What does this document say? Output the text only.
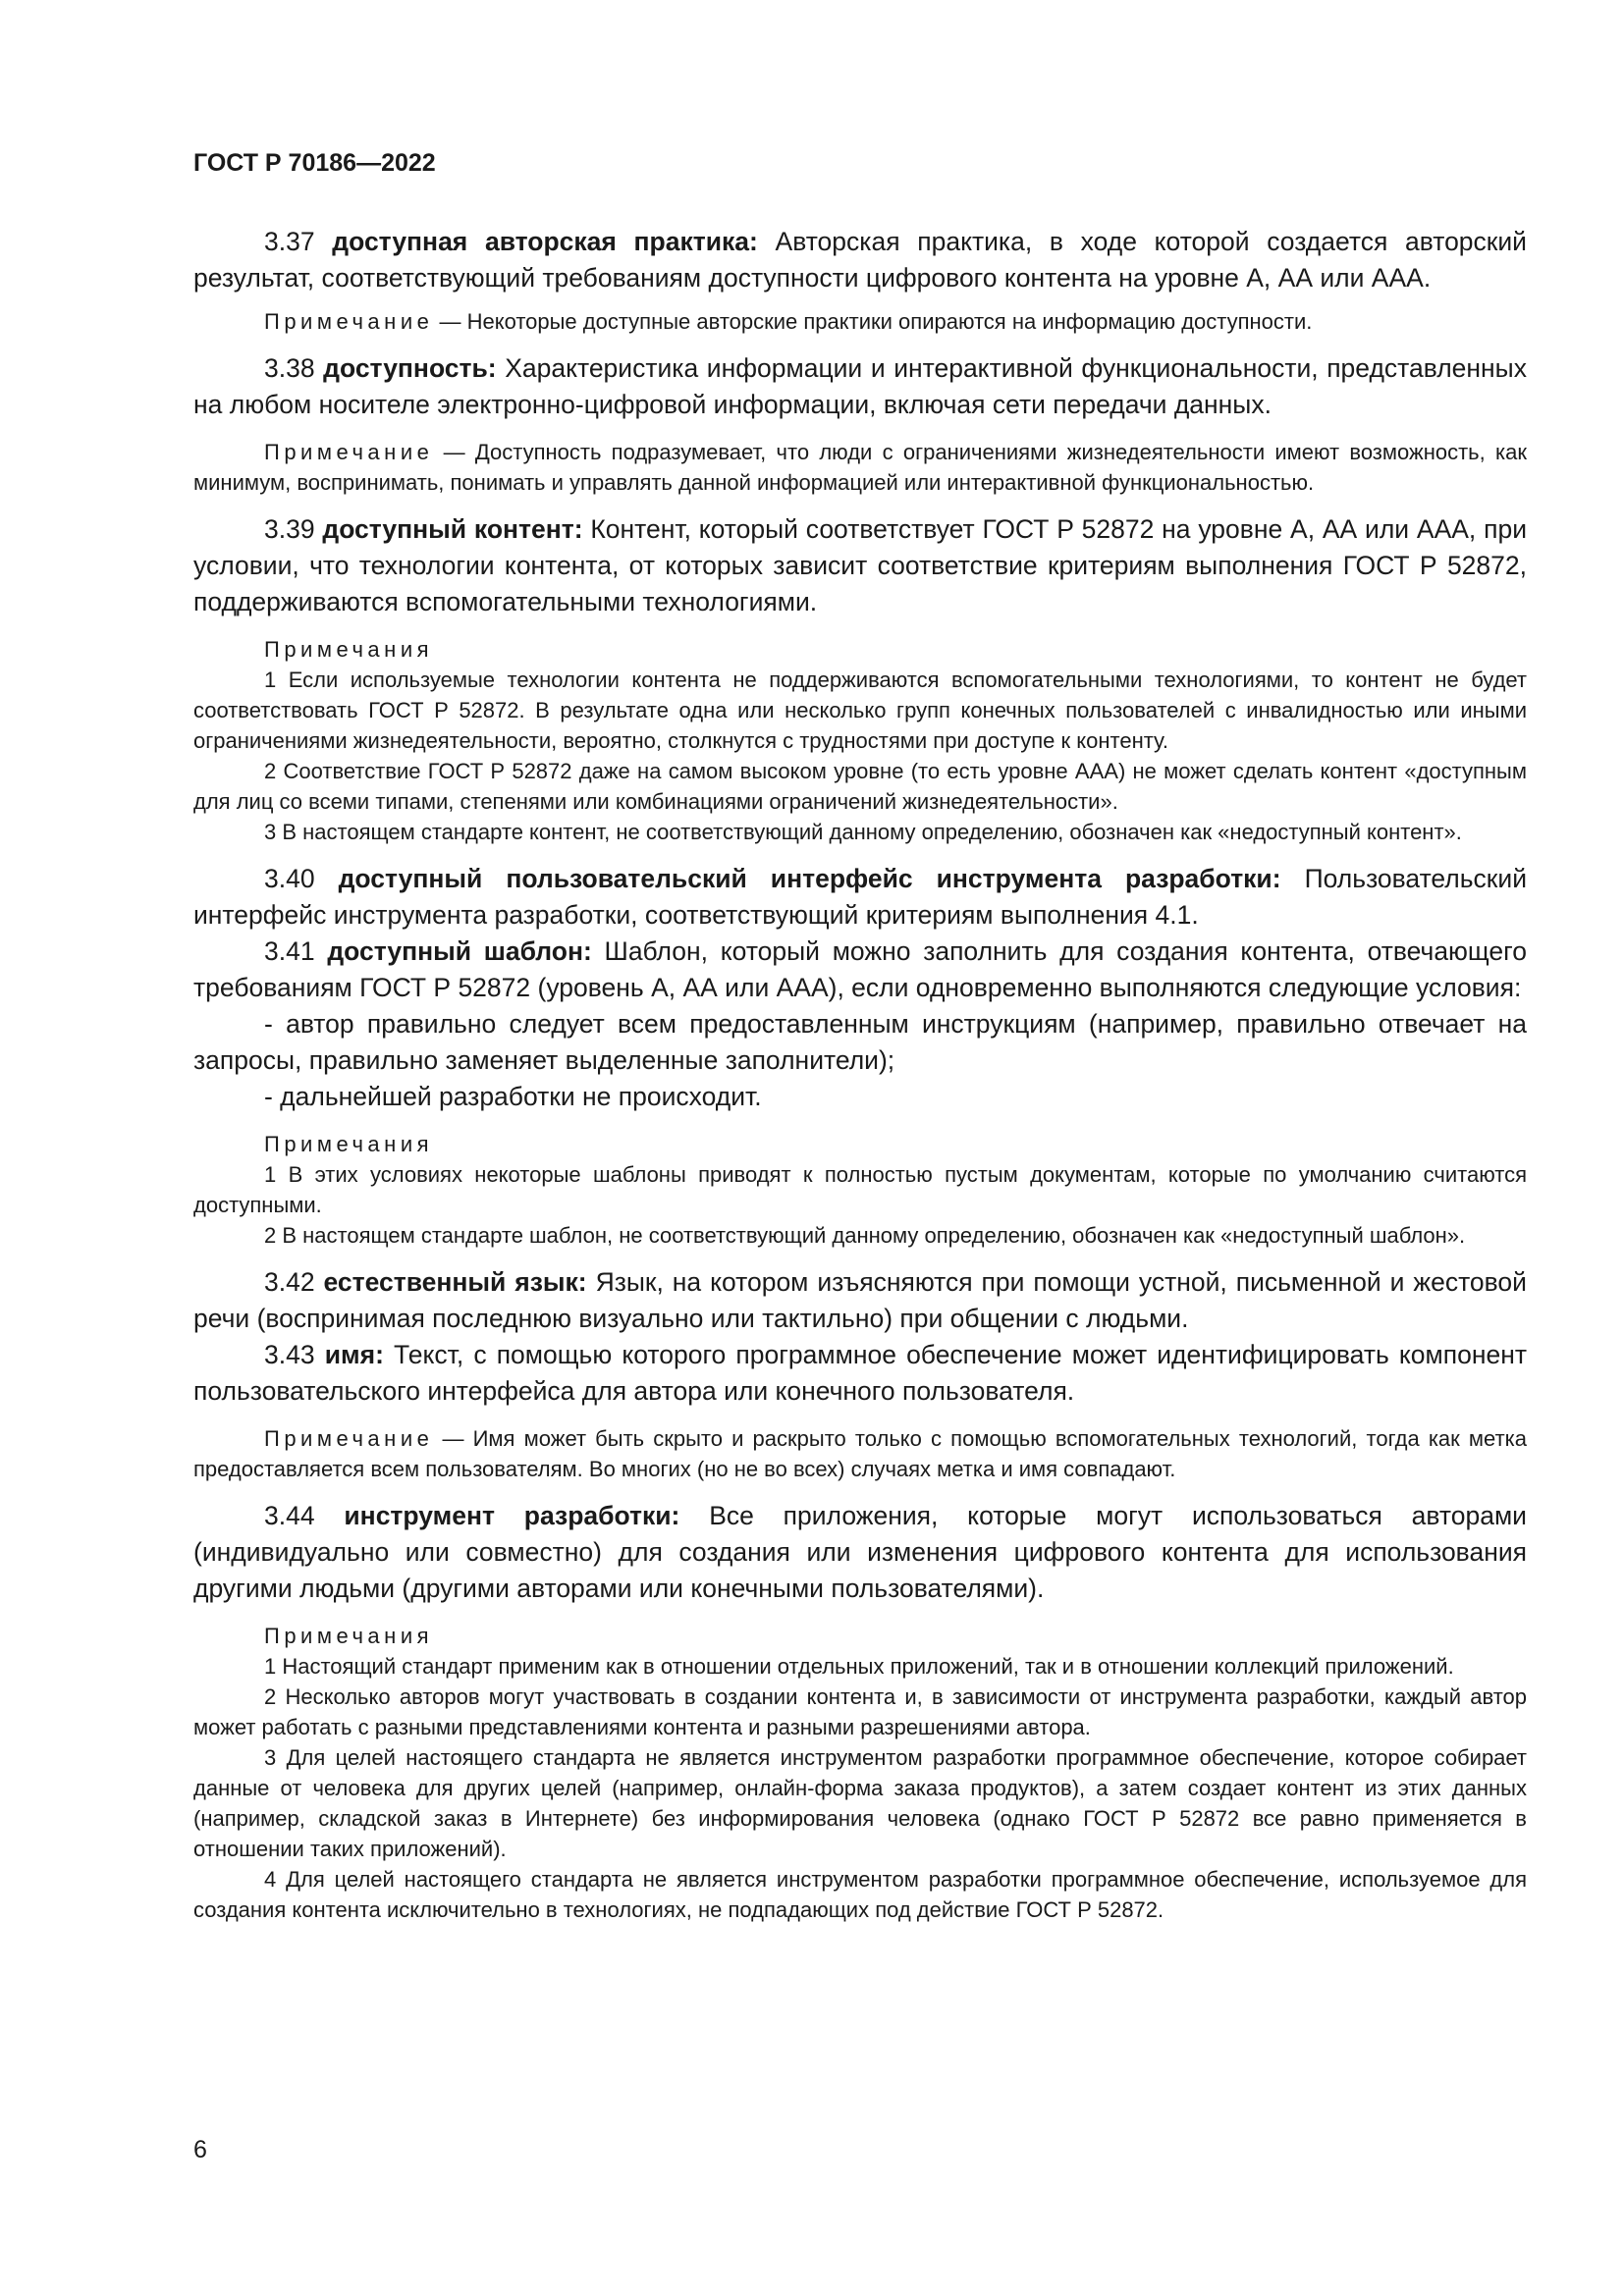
ГОСТ Р 70186—2022

3.37 доступная авторская практика: Авторская практика, в ходе которой создается авторский результат, соответствующий требованиям доступности цифрового контента на уровне А, АА или ААА.

Примечание — Некоторые доступные авторские практики опираются на информацию доступности.

3.38 доступность: Характеристика информации и интерактивной функциональности, представленных на любом носителе электронно-цифровой информации, включая сети передачи данных.

Примечание — Доступность подразумевает, что люди с ограничениями жизнедеятельности имеют возможность, как минимум, воспринимать, понимать и управлять данной информацией или интерактивной функциональностью.

3.39 доступный контент: Контент, который соответствует ГОСТ Р 52872 на уровне А, АА или ААА, при условии, что технологии контента, от которых зависит соответствие критериям выполнения ГОСТ Р 52872, поддерживаются вспомогательными технологиями.

Примечания

1 Если используемые технологии контента не поддерживаются вспомогательными технологиями, то контент не будет соответствовать ГОСТ Р 52872. В результате одна или несколько групп конечных пользователей с инвалидностью или иными ограничениями жизнедеятельности, вероятно, столкнутся с трудностями при доступе к контенту.

2 Соответствие ГОСТ Р 52872 даже на самом высоком уровне (то есть уровне ААА) не может сделать контент «доступным для лиц со всеми типами, степенями или комбинациями ограничений жизнедеятельности».

3 В настоящем стандарте контент, не соответствующий данному определению, обозначен как «недоступный контент».

3.40 доступный пользовательский интерфейс инструмента разработки: Пользовательский интерфейс инструмента разработки, соответствующий критериям выполнения 4.1.

3.41 доступный шаблон: Шаблон, который можно заполнить для создания контента, отвечающего требованиям ГОСТ Р 52872 (уровень А, АА или ААА), если одновременно выполняются следующие условия:

- автор правильно следует всем предоставленным инструкциям (например, правильно отвечает на запросы, правильно заменяет выделенные заполнители);

- дальнейшей разработки не происходит.

Примечания

1 В этих условиях некоторые шаблоны приводят к полностью пустым документам, которые по умолчанию считаются доступными.

2 В настоящем стандарте шаблон, не соответствующий данному определению, обозначен как «недоступный шаблон».

3.42 естественный язык: Язык, на котором изъясняются при помощи устной, письменной и жестовой речи (воспринимая последнюю визуально или тактильно) при общении с людьми.

3.43 имя: Текст, с помощью которого программное обеспечение может идентифицировать компонент пользовательского интерфейса для автора или конечного пользователя.

Примечание — Имя может быть скрыто и раскрыто только с помощью вспомогательных технологий, тогда как метка предоставляется всем пользователям. Во многих (но не во всех) случаях метка и имя совпадают.

3.44 инструмент разработки: Все приложения, которые могут использоваться авторами (индивидуально или совместно) для создания или изменения цифрового контента для использования другими людьми (другими авторами или конечными пользователями).

Примечания

1 Настоящий стандарт применим как в отношении отдельных приложений, так и в отношении коллекций приложений.

2 Несколько авторов могут участвовать в создании контента и, в зависимости от инструмента разработки, каждый автор может работать с разными представлениями контента и разными разрешениями автора.

3 Для целей настоящего стандарта не является инструментом разработки программное обеспечение, которое собирает данные от человека для других целей (например, онлайн-форма заказа продуктов), а затем создает контент из этих данных (например, складской заказ в Интернете) без информирования человека (однако ГОСТ Р 52872 все равно применяется в отношении таких приложений).

4 Для целей настоящего стандарта не является инструментом разработки программное обеспечение, используемое для создания контента исключительно в технологиях, не подпадающих под действие ГОСТ Р 52872.

6
